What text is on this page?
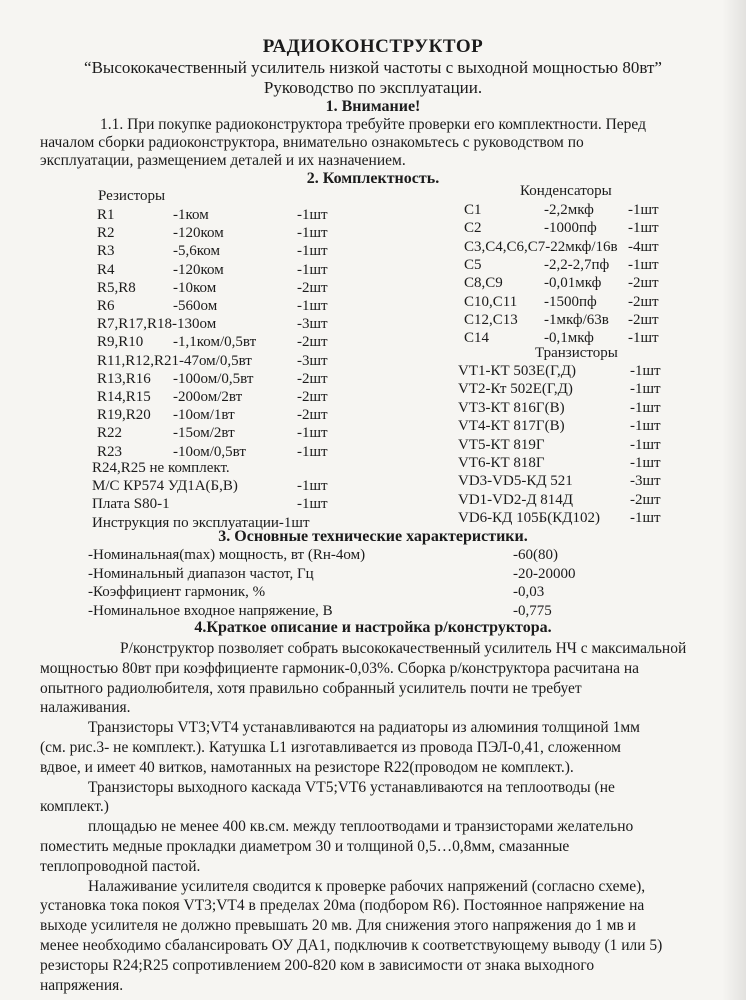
РАДИОКОНСТРУКТОР
“Высококачественный усилитель низкой частоты с выходной мощностью 80вт”
Руководство по эксплуатации.
1. Внимание!
1.1. При покупке радиоконструктора требуйте проверки его комплектности. Перед
началом сборки радиоконструктора, внимательно ознакомьтесь с руководством по
эксплуатации, размещением деталей и их назначением.
2. Комплектность.
Резисторы
R1	-1ком	-1шт
R2	-120ком	-1шт
R3	-5,6ком	-1шт
R4	-120ком	-1шт
R5,R8 -10ком	-2шт
R6	-560ом	-1шт
R7,R17,R18-130ом	-3шт
R9,R10 -1,1ком/0,5вт	-2шт
R11,R12,R21-47ом/0,5вт	-3шт
R13,R16 -100ом/0,5вт	-2шт
R14,R15 -200ом/2вт	-2шт
R19,R20 -10ом/1вт	-2шт
R22	-15ом/2вт	-1шт
R23	-10ом/0,5вт	-1шт
R24,R25 не комплект.
М/С КР574 УД1А(Б,В)	-1шт
Плата S80-1	-1шт
Инструкция по эксплуатации-1шт
Конденсаторы
C1	-2,2мкф -1шт
C2	-1000пф -1шт
C3,C4,C6,C7-22мкф/16в -4шт
C5	-2,2-2,7пф -1шт
C8,C9	-0,01мкф -2шт
C10,C11 -1500пф -2шт
C12,C13 -1мкф/63в -2шт
C14	-0,1мкф -1шт
Транзисторы
VT1-КТ 503Е(Г,Д)	-1шт
VT2-Кт 502Е(Г,Д)	-1шт
VT3-КТ 816Г(В)	-1шт
VT4-КТ 817Г(В)	-1шт
VT5-КТ 819Г	-1шт
VT6-КТ 818Г	-1шт
VD3-VD5-КД 521	-3шт
VD1-VD2-Д 814Д	-2шт
VD6-КД 105Б(КД102) -1шт
3. Основные технические характеристики.
-Номинальная(max) мощность, вт (Rн-4ом)	-60(80)
-Номинальный диапазон частот, Гц	-20-20000
-Коэффициент гармоник, %	-0,03
-Номинальное входное напряжение, В	-0,775
4.Краткое описание и настройка р/конструктора.
Р/конструктор позволяет собрать высококачественный усилитель НЧ с максимальной
мощностью 80вт при коэффициенте гармоник-0,03%. Сборка р/конструктора расчитана на
опытного радиолюбителя, хотя правильно собранный усилитель почти не требует
налаживания.
Транзисторы VT3;VT4 устанавливаются на радиаторы из алюминия толщиной 1мм
(см. рис.3- не комплект.). Катушка L1 изготавливается из провода ПЭЛ-0,41, сложенном
вдвое, и имеет 40 витков, намотанных на резисторе R22(проводом не комплект.).
Транзисторы выходного каскада VT5;VT6 устанавливаются на теплоотводы (не
комплект.)
площадью не менее 400 кв.см. между теплоотводами и транзисторами желательно
поместить медные прокладки диаметром 30 и толщиной 0,5…0,8мм, смазанные
теплопроводной пастой.
Налаживание усилителя сводится к проверке рабочих напряжений (согласно схеме),
установка тока покоя VT3;VT4 в пределах 20ма (подбором R6). Постоянное напряжение на
выходе усилителя не должно превышать 20 мв. Для снижения этого напряжения до 1 мв и
менее необходимо сбалансировать ОУ ДА1, подключив к соответствующему выводу (1 или 5)
резисторы R24;R25 сопротивлением 200-820 ком в зависимости от знака выходного
напряжения.
